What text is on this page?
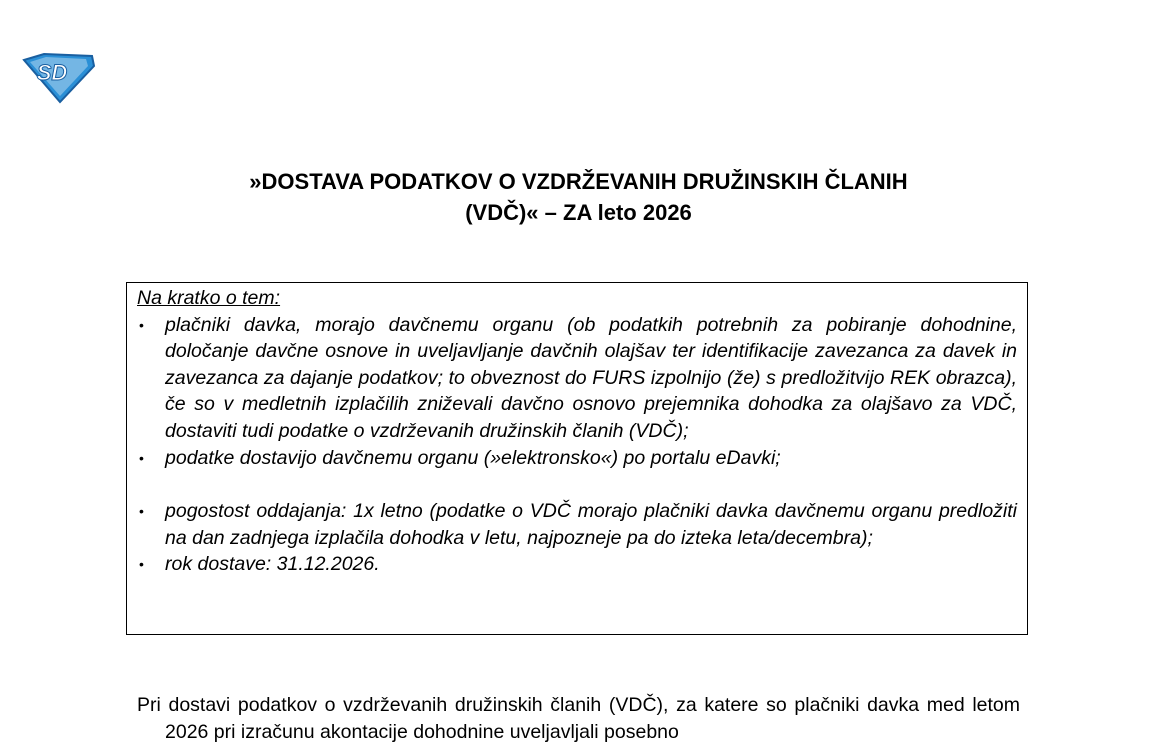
SD
»DOSTAVA PODATKOV O VZDRŽEVANIH DRUŽINSKIH ČLANIH
(VDČ)« – ZA leto 2026
Na kratko o tem:
• plačniki davka, morajo davčnemu organu (ob podatkih potrebnih za pobiranje dohodnine, določanje davčne osnove in uveljavljanje davčnih olajšav ter identifikacije zavezanca za davek in zavezanca za dajanje podatkov; to obveznost do FURS izpolnijo (že) s predložitvijo REK obrazca), če so v medletnih izplačilih zniževali davčno osnovo prejemnika dohodka za olajšavo za VDČ, dostaviti tudi podatke o vzdrževanih družinskih članih (VDČ);
• podatke dostavijo davčnemu organu (»elektronsko«) po portalu eDavki;
• pogostost oddajanja: 1x letno (podatke o VDČ morajo plačniki davka davčnemu organu predložiti na dan zadnjega izplačila dohodka v letu, najpozneje pa do izteka leta/decembra);
• rok dostave: 31.12.2026.
Pri dostavi podatkov o vzdrževanih družinskih članih (VDČ), za katere so plačniki davka med letom 2026 pri izračunu akontacije dohodnine uveljavljali posebno
